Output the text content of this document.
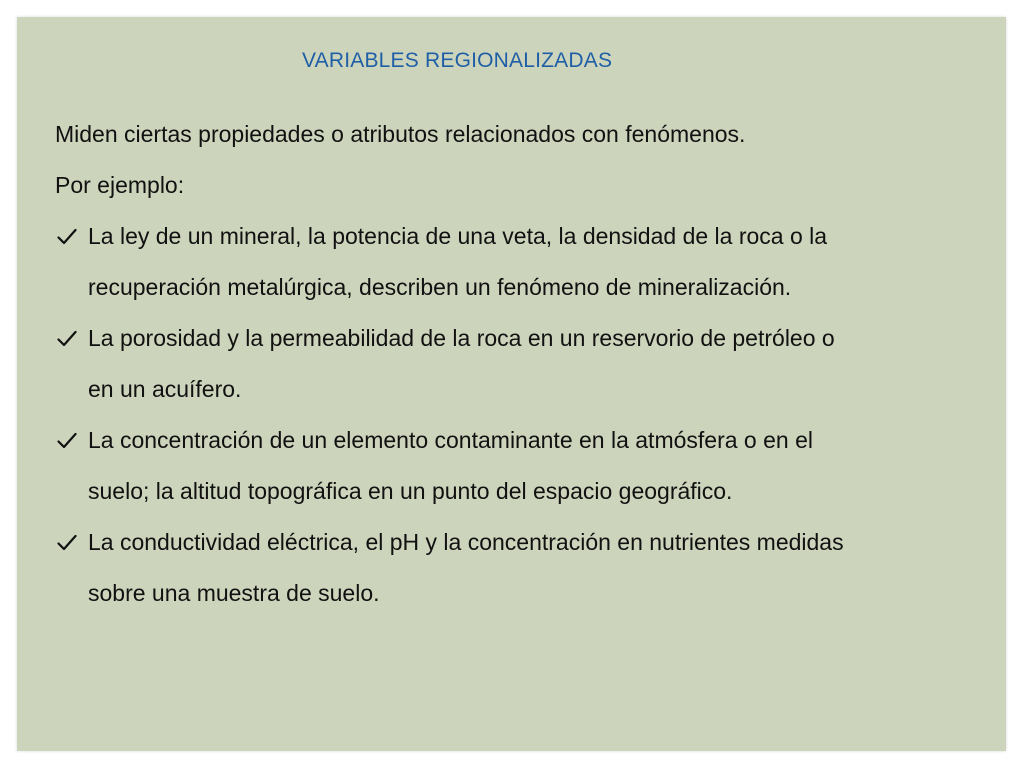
VARIABLES REGIONALIZADAS

Miden ciertas propiedades o atributos relacionados con fenómenos.

Por ejemplo:

La ley de un mineral, la potencia de una veta, la densidad de la roca o la
recuperación metalúrgica, describen un fenómeno de mineralización.
La porosidad y la permeabilidad de la roca en un reservorio de petróleo o
en un acuífero.
La concentración de un elemento contaminante en la atmósfera o en el
suelo; la altitud topográfica en un punto del espacio geográfico.
La conductividad eléctrica, el pH y la concentración en nutrientes medidas
sobre una muestra de suelo.
